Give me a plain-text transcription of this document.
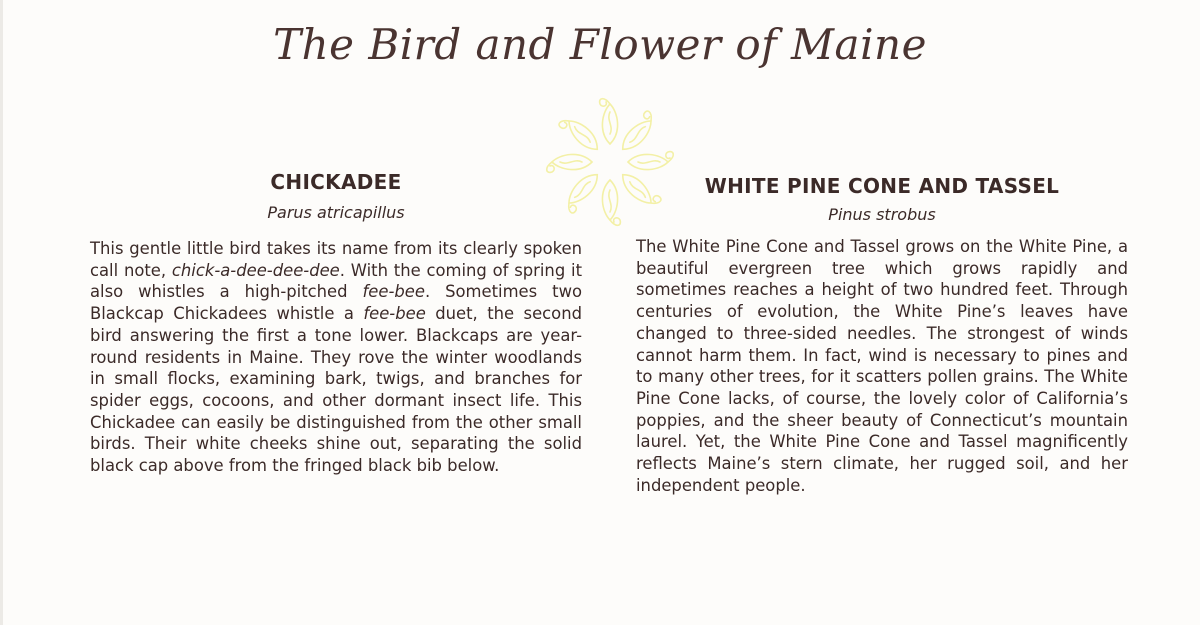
The Bird and Flower of Maine
CHICKADEE
Parus atricapillus
This gentle little bird takes its name from its clearly spoken call note, chick-a-dee-dee-dee. With the coming of spring it also whistles a high-pitched fee-bee. Sometimes two Blackcap Chickadees whistle a fee-bee duet, the second bird answering the first a tone lower. Blackcaps are year-round residents in Maine. They rove the winter woodlands in small flocks, examining bark, twigs, and branches for spider eggs, cocoons, and other dormant insect life. This Chickadee can easily be distinguished from the other small birds. Their white cheeks shine out, separating the solid black cap above from the fringed black bib below.
WHITE PINE CONE AND TASSEL
Pinus strobus
The White Pine Cone and Tassel grows on the White Pine, a beautiful evergreen tree which grows rapidly and sometimes reaches a height of two hundred feet. Through centuries of evolution, the White Pine’s leaves have changed to three-sided needles. The strongest of winds cannot harm them. In fact, wind is necessary to pines and to many other trees, for it scatters pollen grains. The White Pine Cone lacks, of course, the lovely color of California’s poppies, and the sheer beauty of Connecticut’s mountain laurel. Yet, the White Pine Cone and Tassel magnificently reflects Maine’s stern climate, her rugged soil, and her independent people.
